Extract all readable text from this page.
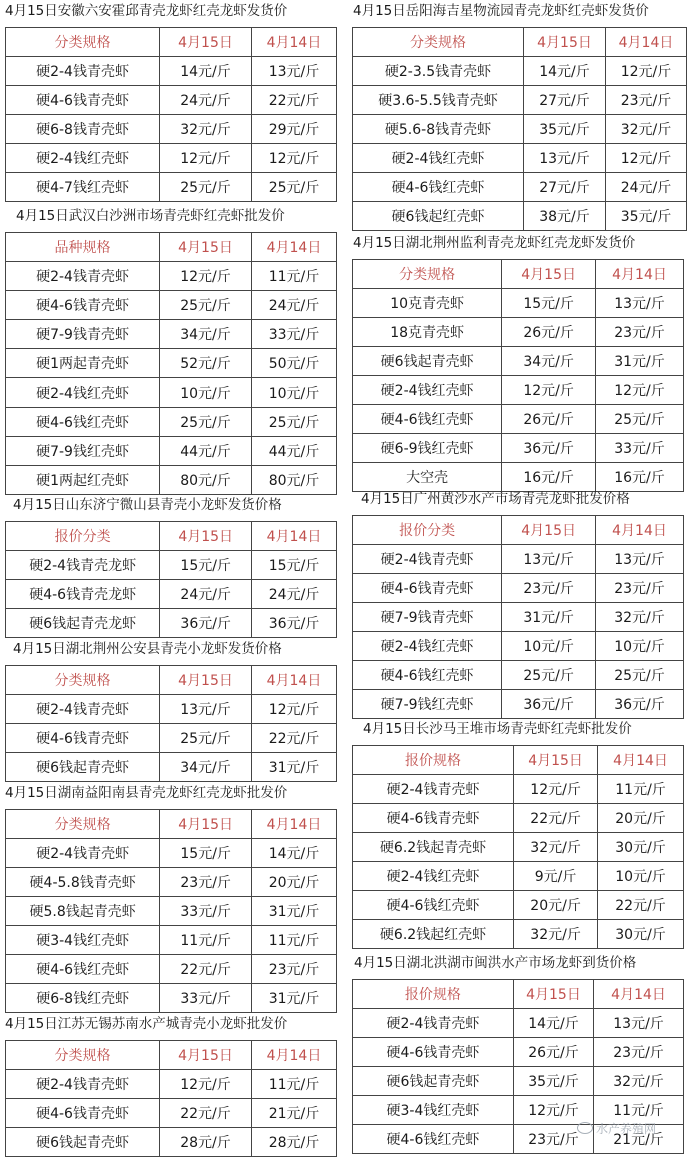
4月15日安徽六安霍邱青壳龙虾红壳龙虾发货价
分类规格	4月15日	4月14日
硬2-4钱青壳虾	14元/斤	13元/斤
硬4-6钱青壳虾	24元/斤	22元/斤
硬6-8钱青壳虾	32元/斤	29元/斤
硬2-4钱红壳虾	12元/斤	12元/斤
硬4-7钱红壳虾	25元/斤	25元/斤
4月15日武汉白沙洲市场青壳虾红壳虾批发价
品种规格	4月15日	4月14日
硬2-4钱青壳虾	12元/斤	11元/斤
硬4-6钱青壳虾	25元/斤	24元/斤
硬7-9钱青壳虾	34元/斤	33元/斤
硬1两起青壳虾	52元/斤	50元/斤
硬2-4钱红壳虾	10元/斤	10元/斤
硬4-6钱红壳虾	25元/斤	25元/斤
硬7-9钱红壳虾	44元/斤	44元/斤
硬1两起红壳虾	80元/斤	80元/斤
4月15日山东济宁微山县青壳小龙虾发货价格
报价分类	4月15日	4月14日
硬2-4钱青壳龙虾	15元/斤	15元/斤
硬4-6钱青壳龙虾	24元/斤	24元/斤
硬6钱起青壳龙虾	36元/斤	36元/斤
4月15日湖北荆州公安县青壳小龙虾发货价格
分类规格	4月15日	4月14日
硬2-4钱青壳虾	13元/斤	12元/斤
硬4-6钱青壳虾	25元/斤	22元/斤
硬6钱起青壳虾	34元/斤	31元/斤
4月15日湖南益阳南县青壳龙虾红壳龙虾批发价
分类规格	4月15日	4月14日
硬2-4钱青壳虾	15元/斤	14元/斤
硬4-5.8钱青壳虾	23元/斤	20元/斤
硬5.8钱起青壳虾	33元/斤	31元/斤
硬3-4钱红壳虾	11元/斤	11元/斤
硬4-6钱红壳虾	22元/斤	23元/斤
硬6-8钱红壳虾	33元/斤	31元/斤
4月15日江苏无锡苏南水产城青壳小龙虾批发价
分类规格	4月15日	4月14日
硬2-4钱青壳虾	12元/斤	11元/斤
硬4-6钱青壳虾	22元/斤	21元/斤
硬6钱起青壳虾	28元/斤	28元/斤
4月15日岳阳海吉星物流园青壳龙虾红壳虾发货价
分类规格	4月15日	4月14日
硬2-3.5钱青壳虾	14元/斤	12元/斤
硬3.6-5.5钱青壳虾	27元/斤	23元/斤
硬5.6-8钱青壳虾	35元/斤	32元/斤
硬2-4钱红壳虾	13元/斤	12元/斤
硬4-6钱红壳虾	27元/斤	24元/斤
硬6钱起红壳虾	38元/斤	35元/斤
4月15日湖北荆州监利青壳龙虾红壳龙虾发货价
分类规格	4月15日	4月14日
10克青壳虾	15元/斤	13元/斤
18克青壳虾	26元/斤	23元/斤
硬6钱起青壳虾	34元/斤	31元/斤
硬2-4钱红壳虾	12元/斤	12元/斤
硬4-6钱红壳虾	26元/斤	25元/斤
硬6-9钱红壳虾	36元/斤	33元/斤
大空壳	16元/斤	16元/斤
4月15日广州黄沙水产市场青壳龙虾批发价格
报价分类	4月15日	4月14日
硬2-4钱青壳虾	13元/斤	13元/斤
硬4-6钱青壳虾	23元/斤	23元/斤
硬7-9钱青壳虾	31元/斤	32元/斤
硬2-4钱红壳虾	10元/斤	10元/斤
硬4-6钱红壳虾	25元/斤	25元/斤
硬7-9钱红壳虾	36元/斤	36元/斤
4月15日长沙马王堆市场青壳虾红壳虾批发价
报价规格	4月15日	4月14日
硬2-4钱青壳虾	12元/斤	11元/斤
硬4-6钱青壳虾	22元/斤	20元/斤
硬6.2钱起青壳虾	32元/斤	30元/斤
硬2-4钱红壳虾	9元/斤	10元/斤
硬4-6钱红壳虾	20元/斤	22元/斤
硬6.2钱起红壳虾	32元/斤	30元/斤
4月15日湖北洪湖市闽洪水产市场龙虾到货价格
报价规格	4月15日	4月14日
硬2-4钱青壳虾	14元/斤	13元/斤
硬4-6钱青壳虾	26元/斤	23元/斤
硬6钱起青壳虾	35元/斤	32元/斤
硬3-4钱红壳虾	12元/斤	11元/斤
硬4-6钱红壳虾	23元/斤	21元/斤
水产养殖网
